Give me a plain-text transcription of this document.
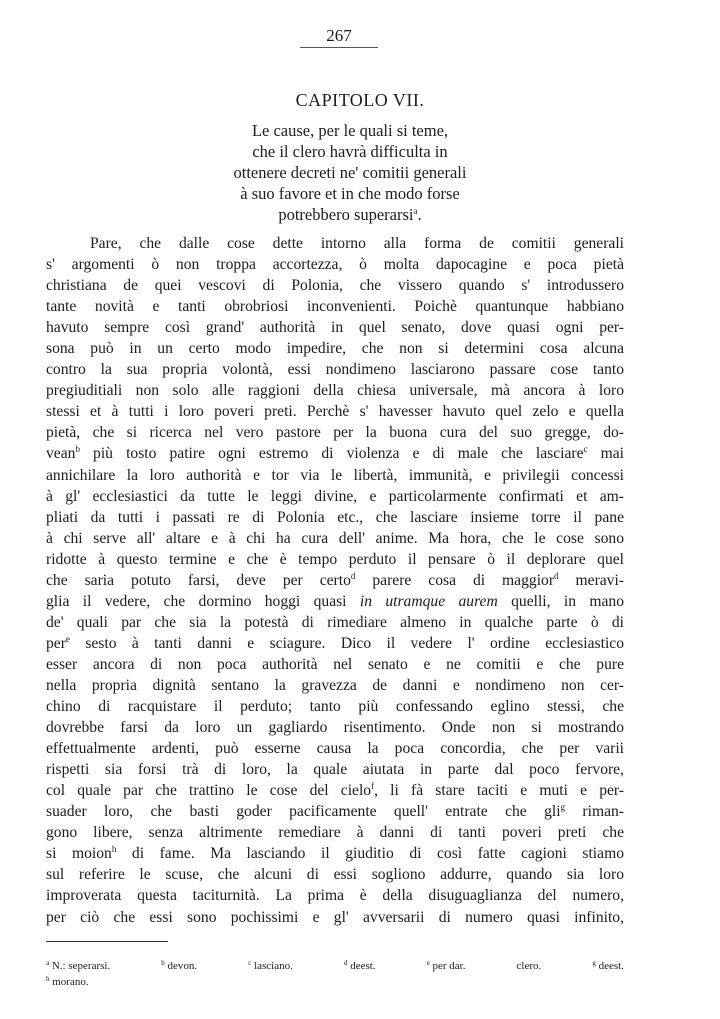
267
CAPITOLO VII.
Le cause, per le quali si teme,
che il clero havrà difficulta in
ottenere decreti ne' comitii generali
à suo favore et in che modo forse
potrebbero superarsi$^a$.
Pare, che dalle cose dette intorno alla forma de comitii generali
s' argomenti ò non troppa accortezza, ò molta dapocagine e poca pietà
christiana de quei vescovi di Polonia, che vissero quando s' introdussero
tante novità e tanti obrobriosi inconvenienti. Poichè quantunque habbiano
havuto sempre così grand' authorità in quel senato, dove quasi ogni per-
sona può in un certo modo impedire, che non si determini cosa alcuna
contro la sua propria volontà, essi nondimeno lasciarono passare cose tanto
pregiuditiali non solo alle raggioni della chiesa universale, mà ancora à loro
stessi et à tutti i loro poveri preti. Perchè s' havesser havuto quel zelo e quella
pietà, che si ricerca nel vero pastore per la buona cura del suo gregge, do-
vean$^b$ più tosto patire ogni estremo di violenza e di male che lasciare$^c$ mai
annichilare la loro authorità e tor via le libertà, immunità, e privilegii concessi
à gl' ecclesiastici da tutte le leggi divine, e particolarmente confirmati et am-
pliati da tutti i passati re di Polonia etc., che lasciare insieme torre il pane
à chi serve all' altare e à chi ha cura dell' anime. Ma hora, che le cose sono
ridotte à questo termine e che è tempo perduto il pensare ò il deplorare quel
che saria potuto farsi, deve per certo$^d$ parere cosa di maggior$^d$ meravi-
glia il vedere, che dormino hoggi quasi in utramque aurem quelli, in mano
de' quali par che sia la potestà di rimediare almeno in qualche parte ò di
per$^e$ sesto à tanti danni e sciagure. Dico il vedere l' ordine ecclesiastico
esser ancora di non poca authorità nel senato e ne comitii e che pure
nella propria dignità sentano la gravezza de danni e nondimeno non cer-
chino di racquistare il perduto; tanto più confessando eglino stessi, che
dovrebbe farsi da loro un gagliardo risentimento. Onde non si mostrando
effettualmente ardenti, può esserne causa la poca concordia, che per varii
rispetti sia forsi trà di loro, la quale aiutata in parte dal poco fervore,
col quale par che trattino le cose del cielo$^f$, li fà stare taciti e muti e per-
suader loro, che basti goder pacificamente quell' entrate che gli$^g$ riman-
gono libere, senza altrimente remediare à danni di tanti poveri preti che
si moion$^h$ di fame. Ma lasciando il giuditio di così fatte cagioni stiamo
sul referire le scuse, che alcuni di essi sogliono addurre, quando sia loro
improverata questa taciturnità. La prima è della disuguaglianza del numero,
per ciò che essi sono pochissimi e gl' avversarii di numero quasi infinito,
$^a$ N.: seperarsi.	$^b$ devon.	$^c$ lasciano.	$^d$ deest.	$^e$ per dar.	clero.	$^g$ deest.
$^h$ morano.
